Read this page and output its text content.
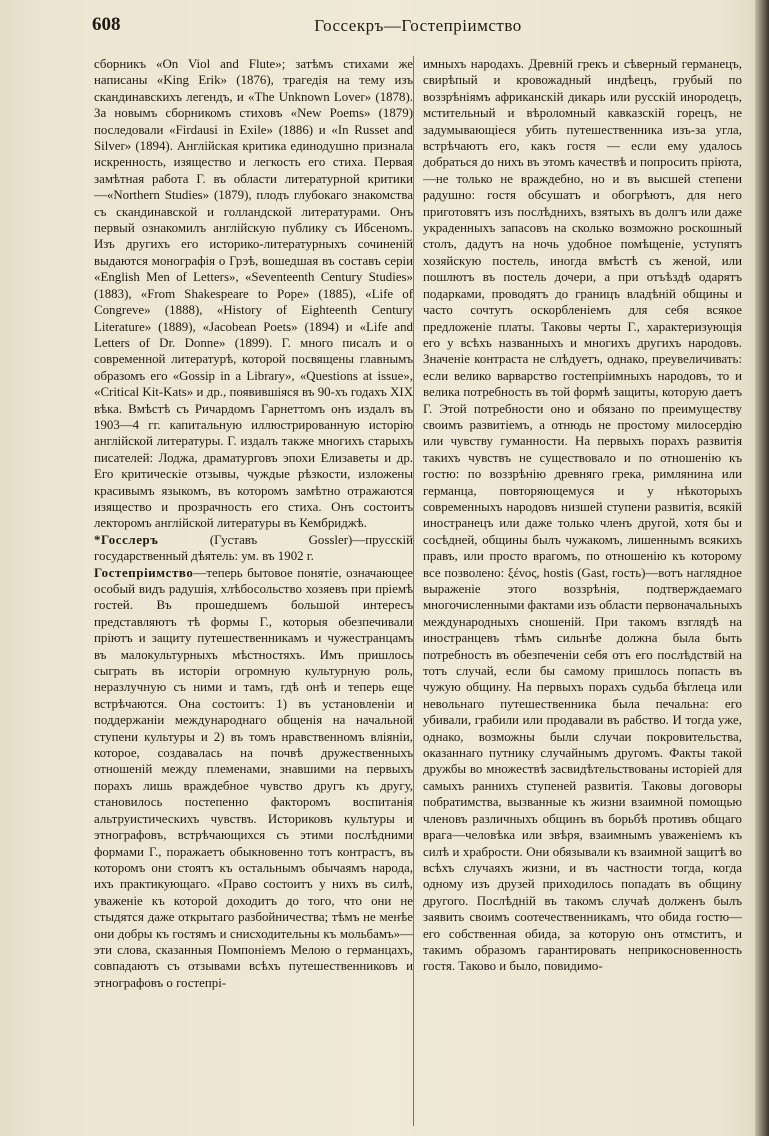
608	Госсекръ—Гостепріимство

сборникъ «On Viol and Flute»; затѣмъ стихами же написаны «King Erik» (1876), трагедія на тему изъ скандинавскихъ легендъ, и «The Unknown Lover» (1878). За новымъ сборникомъ стиховъ «New Poems» (1879) последовали «Firdausi in Exile» (1886) и «In Russet and Silver» (1894). Англійская критика единодушно признала искренность, изящество и легкость его стиха. Первая замѣтная работа Г. въ области литературной критики—«Northern Studies» (1879), плодъ глубокаго знакомства съ скандинавской и голландской литературами. Онъ первый ознакомилъ англійскую публику съ Ибсеномъ. Изъ другихъ его историко-литературныхъ сочиненій выдаются монографія о Грэѣ, вошедшая въ составъ серіи «English Men of Letters», «Seventeenth Century Studies» (1883), «From Shakespeare to Pope» (1885), «Life of Congreve» (1888), «History of Eighteenth Century Literature» (1889), «Jacobean Poets» (1894) и «Life and Letters of Dr. Donne» (1899). Г. много писалъ и о современной литературѣ, которой посвящены главнымъ образомъ его «Gossip in a Library», «Questions at issue», «Critical Kit-Kats» и др., появившіяся въ 90-хъ годахъ XIX вѣка. Вмѣстѣ съ Ричардомъ Гарнеттомъ онъ издалъ въ 1903—4 гг. капитальную иллюстрированную исторію англійской литературы. Г. издалъ также многихъ старыхъ писателей: Лоджа, драматурговъ эпохи Елизаветы и др. Его критическіе отзывы, чуждые рѣзкости, изложены красивымъ языкомъ, въ которомъ замѣтно отражаются изящество и прозрачность его стиха. Онъ состоитъ лекторомъ англійской литературы въ Кембриджѣ.

*Госслеръ (Густавъ Gossler)—прусскій государственный дѣятель: ум. въ 1902 г.

Гостепріимство—теперь бытовое понятіе, означающее особый видъ радушія, хлѣбосольство хозяевъ при пріемѣ гостей. Въ прошедшемъ большой интересъ представляютъ тѣ формы Г., которыя обезпечивали пріютъ и защиту путешественникамъ и чужестранцамъ въ малокультурныхъ мѣстностяхъ. Имъ пришлось сыграть въ исторіи огромную культурную роль, неразлучную съ ними и тамъ, гдѣ онѣ и теперь еще встрѣчаются. Она состоитъ: 1) въ установленіи и поддержаніи международнаго общенія на начальной ступени культуры и 2) въ томъ нравственномъ вліяніи, которое, создавалась на почвѣ дружественныхъ отношеній между племенами, знавшими на первыхъ порахъ лишь враждебное чувство другъ къ другу, становилось постепенно факторомъ воспитанія альтруистическихъ чувствъ. Историковъ культуры и этнографовъ, встрѣчающихся съ этими послѣдними формами Г., поражаетъ обыкновенно тотъ контрастъ, въ которомъ они стоятъ къ остальнымъ обычаямъ народа, ихъ практикующаго. «Право состоитъ у нихъ въ силѣ, уваженіе къ которой доходитъ до того, что они не стыдятся даже открытаго разбойничества; тѣмъ не менѣе они добры къ гостямъ и снисходительны къ мольбамъ»—эти слова, сказанныя Помпоніемъ Мелою о германцахъ, совпадаютъ съ отзывами всѣхъ путешественниковъ и этнографовъ о гостепрі-

имныхъ народахъ. Древній грекъ и сѣверный германецъ, свирѣпый и кровожадный индѣецъ, грубый по воззрѣніямъ африканскій дикарь или русскій инородецъ, мстительный и вѣроломный кавказскій горецъ, не задумывающіеся убить путешественника изъ-за угла, встрѣчаютъ его, какъ гостя — если ему удалось добраться до нихъ въ этомъ качествѣ и попросить пріюта,—не только не враждебно, но и въ высшей степени радушно: гостя обсушатъ и обогрѣютъ, для него приготовятъ изъ послѣднихъ, взятыхъ въ долгъ или даже украденныхъ запасовъ на сколько возможно роскошный столъ, дадутъ на ночь удобное помѣщеніе, уступятъ хозяйскую постель, иногда вмѣстѣ съ женой, или пошлютъ въ постель дочери, а при отъѣздѣ одарятъ подарками, проводятъ до границъ владѣній общины и часто сочтутъ оскорбленіемъ для себя всякое предложеніе платы. Таковы черты Г., характеризующія его у всѣхъ названныхъ и многихъ другихъ народовъ. Значеніе контраста не слѣдуетъ, однако, преувеличивать: если велико варварство гостепріимныхъ народовъ, то и велика потребность въ той формѣ защиты, которую даетъ Г. Этой потребности оно и обязано по преимуществу своимъ развитіемъ, а отнюдь не простому милосердію или чувству гуманности. На первыхъ порахъ развитія такихъ чувствъ не существовало и по отношенію къ гостю: по воззрѣнію древняго грека, римлянина или германца, повторяющемуся и у нѣкоторыхъ современныхъ народовъ низшей ступени развитія, всякій иностранецъ или даже только членъ другой, хотя бы и сосѣдней, общины былъ чужакомъ, лишеннымъ всякихъ правъ, или просто врагомъ, по отношенію къ которому все позволено: ξένος, hostis (Gast, гость)—вотъ наглядное выраженіе этого воззрѣнія, подтверждаемаго многочисленными фактами изъ области первоначальныхъ международныхъ сношеній. При такомъ взглядѣ на иностранцевъ тѣмъ сильнѣе должна была быть потребность въ обезпеченіи себя отъ его послѣдствій на тотъ случай, если бы самому пришлось попасть въ чужую общину. На первыхъ порахъ судьба бѣглеца или невольнаго путешественника была печальна: его убивали, грабили или продавали въ рабство. И тогда уже, однако, возможны были случаи покровительства, оказаннаго путнику случайнымъ другомъ. Факты такой дружбы во множествѣ засвидѣтельствованы исторіей для самыхъ раннихъ ступеней развитія. Таковы договоры побратимства, вызванные къ жизни взаимной помощью членовъ различныхъ общинъ въ борьбѣ противъ общаго врага—человѣка или звѣря, взаимнымъ уваженіемъ къ силѣ и храбрости. Они обязывали къ взаимной защитѣ во всѣхъ случаяхъ жизни, и въ частности тогда, когда одному изъ друзей приходилось попадать въ общину другого. Послѣдній въ такомъ случаѣ долженъ былъ заявить своимъ соотечественникамъ, что обида гостю—его собственная обида, за которую онъ отмститъ, и такимъ образомъ гарантировать неприкосновенность гостя. Таково и было, повидимо-
